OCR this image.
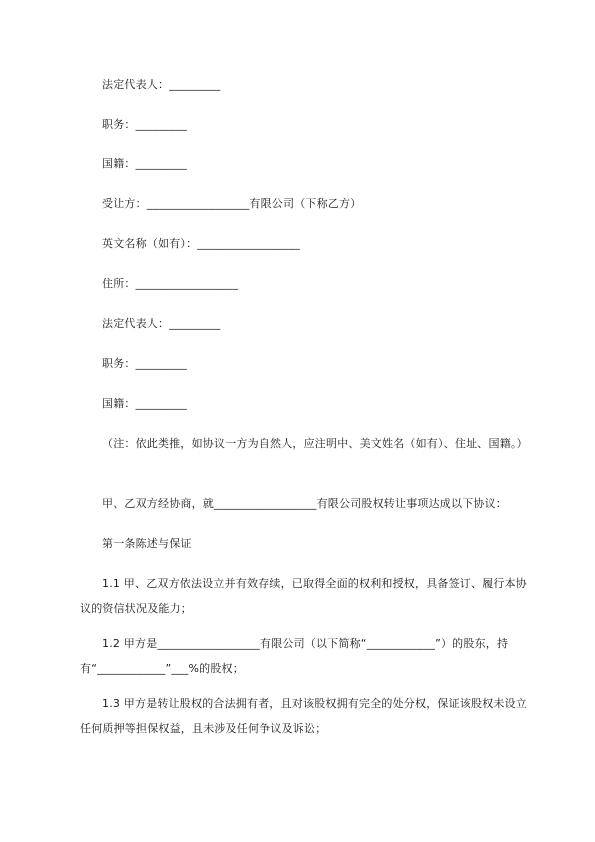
法定代表人：_________
职务：_________
国籍：_________
受让方：__________________有限公司（下称乙方）
英文名称（如有）：__________________
住所：__________________
法定代表人：_________
职务：_________
国籍：_________
（注：依此类推，如协议一方为自然人，应注明中、美文姓名（如有）、住址、国籍。）
甲、乙双方经协商，就__________________有限公司股权转让事项达成以下协议：
第一条陈述与保证
1.1 甲、乙双方依法设立并有效存续，已取得全面的权利和授权，具备签订、履行本协议的资信状况及能力；
1.2 甲方是__________________有限公司（以下简称“____________”）的股东，持有“____________”___%的股权；
1.3 甲方是转让股权的合法拥有者，且对该股权拥有完全的处分权，保证该股权未设立任何质押等担保权益，且未涉及任何争议及诉讼；
